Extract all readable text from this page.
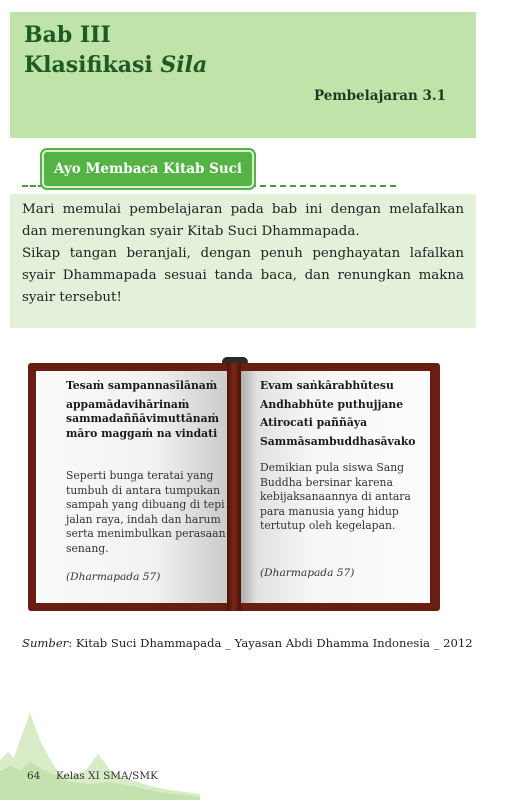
Bab III
Klasifikasi Sila
Pembelajaran 3.1
Ayo Membaca Kitab Suci

Mari memulai pembelajaran pada bab ini dengan melafalkan dan merenungkan syair Kitab Suci Dhammapada.

Sikap tangan beranjali, dengan penuh penghayatan lafalkan syair Dhammapada sesuai tanda baca, dan renungkan makna syair tersebut!

Tesaṁ sampannasīlānaṁ
appamādavihārinaṁ
sammadaññāvimuttānaṁ
māro maggaṁ na vindati
Seperti bunga teratai yang
tumbuh di antara tumpukan
sampah yang dibuang di tepi
jalan raya, indah dan harum
serta menimbulkan perasaan
senang.
(Dharmapada 57)
Evam saṅkārabhūtesu
Andhabhūte puthujjane
Atirocati paññāya
Sammāsambuddhasāvako
Demikian pula siswa Sang
Buddha bersinar karena
kebijaksanaannya di antara
para manusia yang hidup
tertutup oleh kegelapan.
(Dharmapada 57)
Sumber: Kitab Suci Dhammapada _ Yayasan Abdi Dhamma Indonesia _ 2012
64 Kelas XI SMA/SMK
